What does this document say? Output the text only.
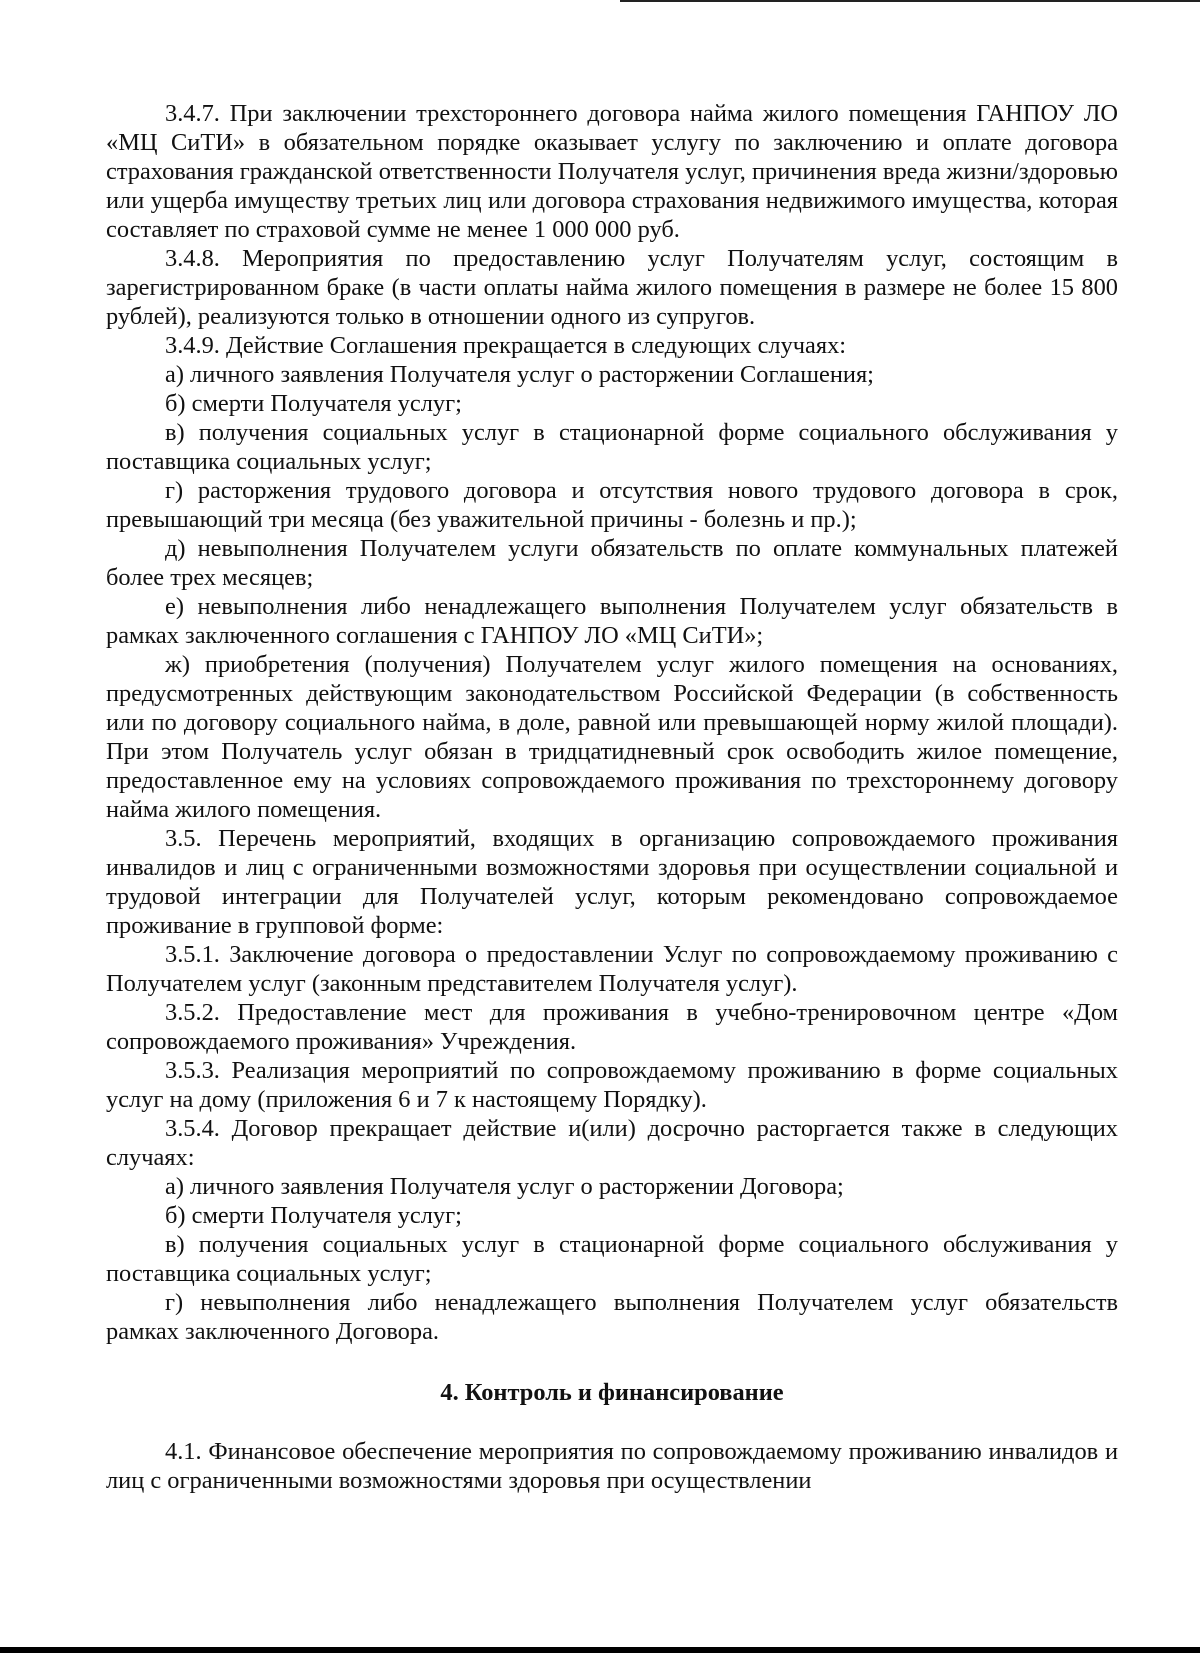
3.4.7. При заключении трехстороннего договора найма жилого помещения ГАНПОУ ЛО «МЦ СиТИ» в обязательном порядке оказывает услугу по заключению и оплате договора страхования гражданской ответственности Получателя услуг, причинения вреда жизни/здоровью или ущерба имуществу третьих лиц или договора страхования недвижимого имущества, которая составляет по страховой сумме не менее 1 000 000 руб.

3.4.8. Мероприятия по предоставлению услуг Получателям услуг, состоящим в зарегистрированном браке (в части оплаты найма жилого помещения в размере не более 15 800 рублей), реализуются только в отношении одного из супругов.

3.4.9. Действие Соглашения прекращается в следующих случаях:

а) личного заявления Получателя услуг о расторжении Соглашения;

б) смерти Получателя услуг;

в) получения социальных услуг в стационарной форме социального обслуживания у поставщика социальных услуг;

г) расторжения трудового договора и отсутствия нового трудового договора в срок, превышающий три месяца (без уважительной причины - болезнь и пр.);

д) невыполнения Получателем услуги обязательств по оплате коммунальных платежей более трех месяцев;

е) невыполнения либо ненадлежащего выполнения Получателем услуг обязательств в рамках заключенного соглашения с ГАНПОУ ЛО «МЦ СиТИ»;

ж) приобретения (получения) Получателем услуг жилого помещения на основаниях, предусмотренных действующим законодательством Российской Федерации (в собственность или по договору социального найма, в доле, равной или превышающей норму жилой площади). При этом Получатель услуг обязан в тридцатидневный срок освободить жилое помещение, предоставленное ему на условиях сопровождаемого проживания по трехстороннему договору найма жилого помещения.

3.5. Перечень мероприятий, входящих в организацию сопровождаемого проживания инвалидов и лиц с ограниченными возможностями здоровья при осуществлении социальной и трудовой интеграции для Получателей услуг, которым рекомендовано сопровождаемое проживание в групповой форме:

3.5.1. Заключение договора о предоставлении Услуг по сопровождаемому проживанию с Получателем услуг (законным представителем Получателя услуг).

3.5.2. Предоставление мест для проживания в учебно-тренировочном центре «Дом сопровождаемого проживания» Учреждения.

3.5.3. Реализация мероприятий по сопровождаемому проживанию в форме социальных услуг на дому (приложения 6 и 7 к настоящему Порядку).

3.5.4. Договор прекращает действие и(или) досрочно расторгается также в следующих случаях:

а) личного заявления Получателя услуг о расторжении Договора;

б) смерти Получателя услуг;

в) получения социальных услуг в стационарной форме социального обслуживания у поставщика социальных услуг;

г) невыполнения либо ненадлежащего выполнения Получателем услуг обязательств рамках заключенного Договора.

4. Контроль и финансирование

4.1. Финансовое обеспечение мероприятия по сопровождаемому проживанию инвалидов и лиц с ограниченными возможностями здоровья при осуществлении
